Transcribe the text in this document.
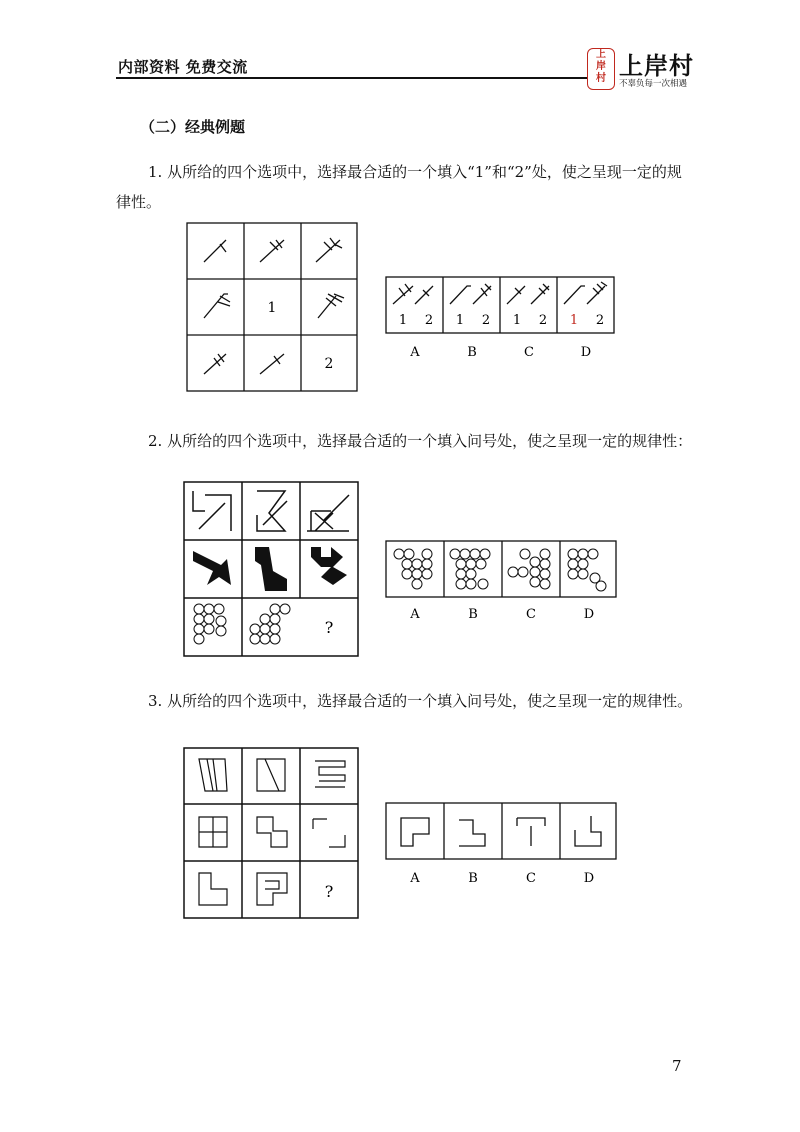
内部资料 免费交流
上
岸
村 上岸村
不辜负每一次相遇
（二）经典例题
1. 从所给的四个选项中，选择最合适的一个填入“1”和“2”处，使之呈现一定的规律性。
1
2
1 2 1 2 1 2 1 2
A	B	C	D
2. 从所给的四个选项中，选择最合适的一个填入问号处，使之呈现一定的规律性：
?
A	B	C	D
3. 从所给的四个选项中，选择最合适的一个填入问号处，使之呈现一定的规律性。
?
A	B	C	D
7
